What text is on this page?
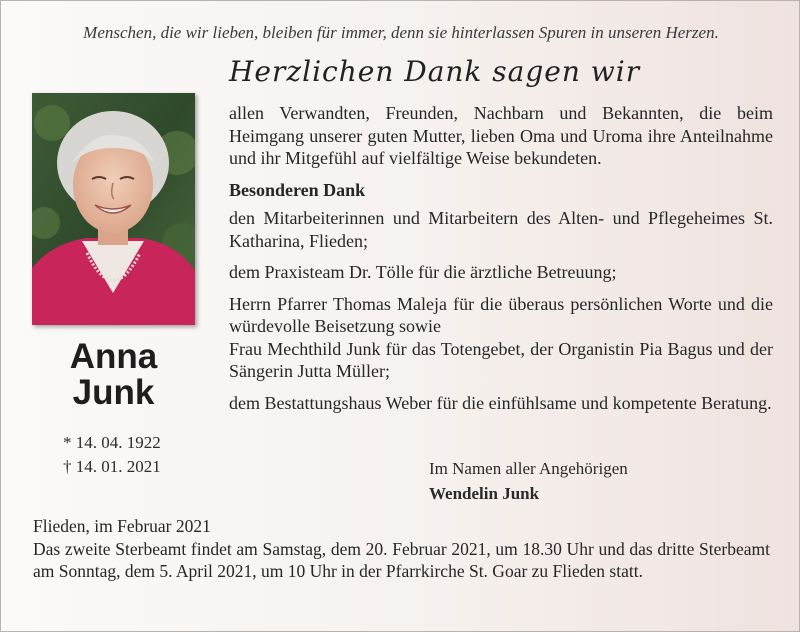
Menschen, die wir lieben, bleiben für immer, denn sie hinterlassen Spuren in unseren Herzen.
Herzlichen Dank sagen wir
Anna
Junk
* 14. 04. 1922
† 14. 01. 2021

allen Verwandten, Freunden, Nachbarn und Bekannten, die beim Heimgang unserer guten Mutter, lieben Oma und Uroma ihre Anteilnahme und ihr Mitgefühl auf vielfältige Weise bekundeten.

Besonderen Dank

den Mitarbeiterinnen und Mitarbeitern des Alten- und Pflegeheimes St. Katharina, Flieden;

dem Praxisteam Dr. Tölle für die ärztliche Betreuung;

Herrn Pfarrer Thomas Maleja für die überaus persönlichen Worte und die würdevolle Beisetzung sowie

Frau Mechthild Junk für das Totengebet, der Organistin Pia Bagus und der Sängerin Jutta Müller;

dem Bestattungshaus Weber für die einfühlsame und kompetente Beratung.

Im Namen aller Angehörigen
Wendelin Junk

Flieden, im Februar 2021

Das zweite Sterbeamt findet am Samstag, dem 20. Februar 2021, um 18.30 Uhr und das dritte Sterbeamt am Sonntag, dem 5. April 2021, um 10 Uhr in der Pfarrkirche St. Goar zu Flieden statt.
